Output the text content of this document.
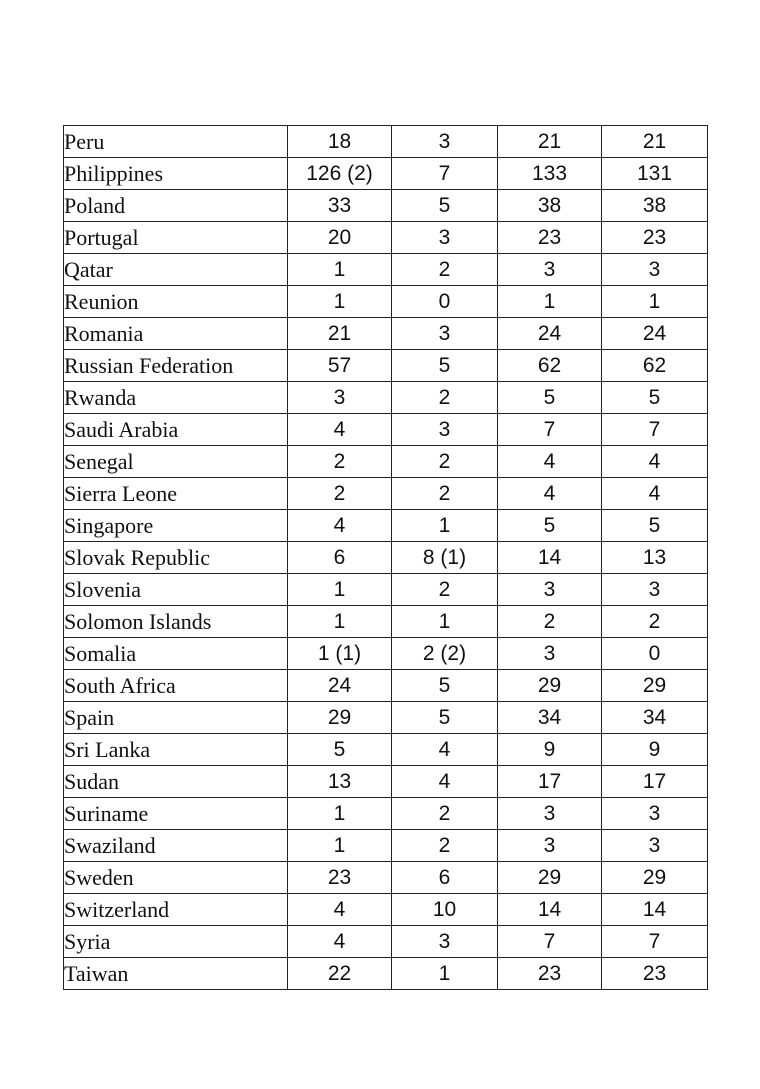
Peru	18	3	21	21
Philippines	126 (2)	7	133	131
Poland	33	5	38	38
Portugal	20	3	23	23
Qatar	1	2	3	3
Reunion	1	0	1	1
Romania	21	3	24	24
Russian Federation	57	5	62	62
Rwanda	3	2	5	5
Saudi Arabia	4	3	7	7
Senegal	2	2	4	4
Sierra Leone	2	2	4	4
Singapore	4	1	5	5
Slovak Republic	6	8 (1)	14	13
Slovenia	1	2	3	3
Solomon Islands	1	1	2	2
Somalia	1 (1)	2 (2)	3	0
South Africa	24	5	29	29
Spain	29	5	34	34
Sri Lanka	5	4	9	9
Sudan	13	4	17	17
Suriname	1	2	3	3
Swaziland	1	2	3	3
Sweden	23	6	29	29
Switzerland	4	10	14	14
Syria	4	3	7	7
Taiwan	22	1	23	23
